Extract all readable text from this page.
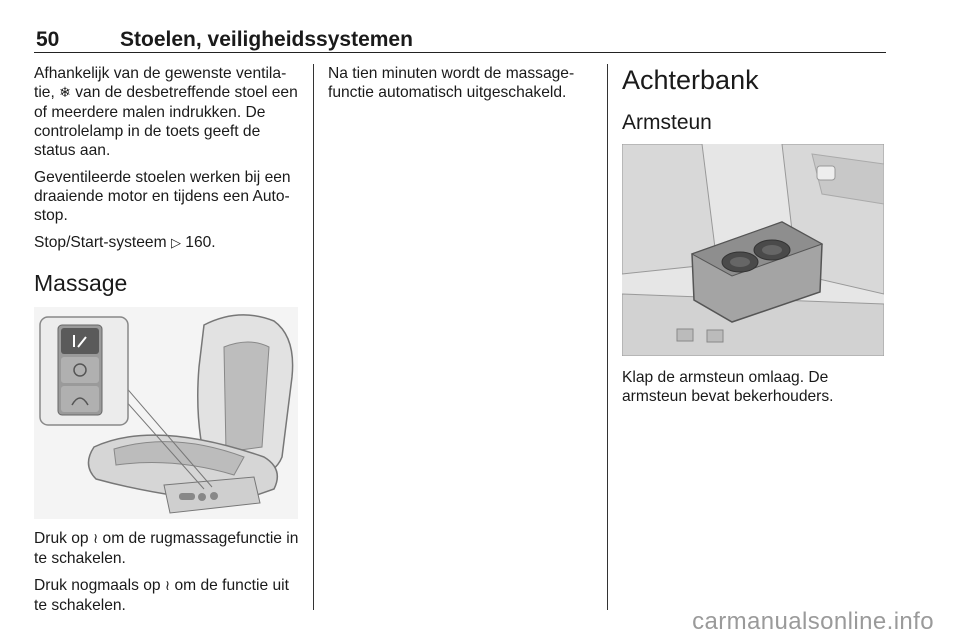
50	Stoelen, veiligheidssystemen

Afhankelijk van de gewenste ventilatie, ❄ van de desbetreffende stoel een of meerdere malen indrukken. De controlelamp in de toets geeft de status aan.

Geventileerde stoelen werken bij een draaiende motor en tijdens een Autostop.

Stop/Start-systeem ▷ 160.

Massage

Druk op ≀ om de rugmassagefunctie in te schakelen.

Druk nogmaals op ≀ om de functie uit te schakelen.

Na tien minuten wordt de massagefunctie automatisch uitgeschakeld.	Achterbank
Armsteun

Klap de armsteun omlaag. De armsteun bevat bekerhouders.

carmanualsonline.info
